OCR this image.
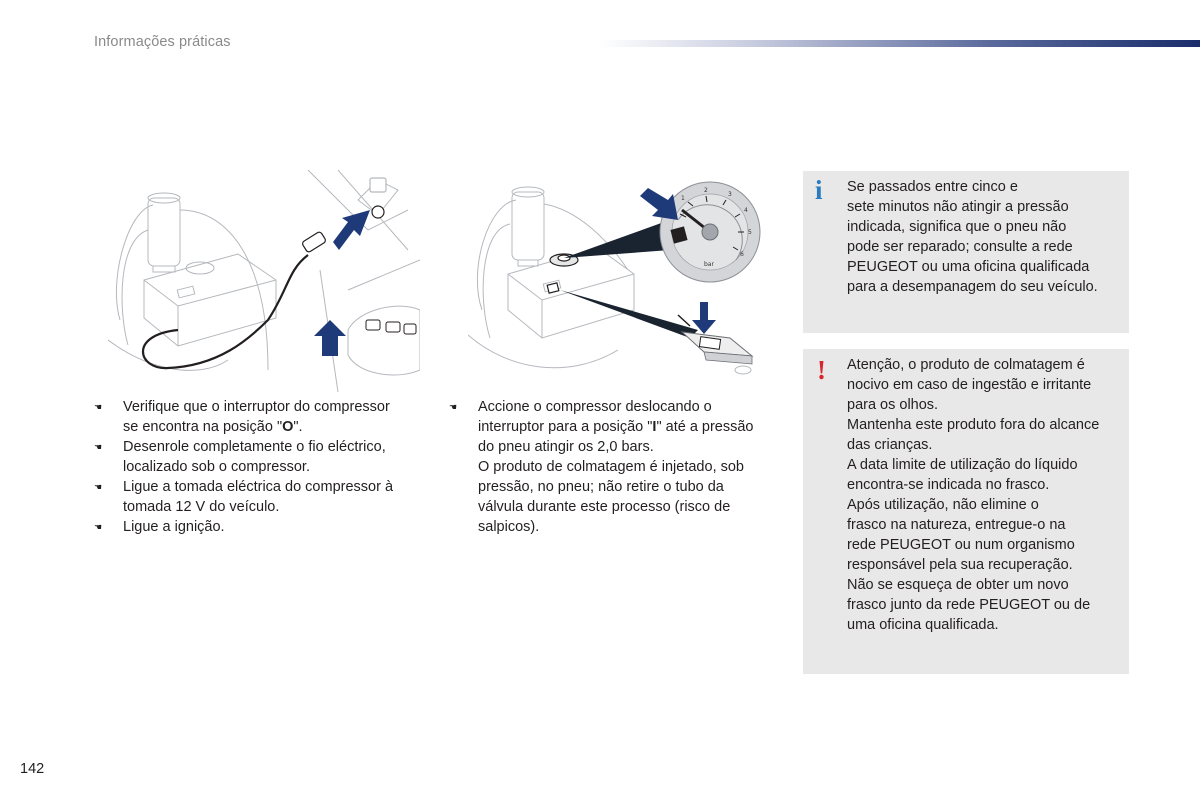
Informações práticas
1
2
3
4
5
6
bar
☚ Verifique que o interruptor do compressor
se encontra na posição "O".
☚ Desenrole completamente o fio eléctrico,
localizado sob o compressor.
☚ Ligue a tomada eléctrica do compressor à
tomada 12 V do veículo.
☚ Ligue a ignição.
☚ Accione o compressor deslocando o
interruptor para a posição "I" até a pressão
do pneu atingir os 2,0 bars.
O produto de colmatagem é injetado, sob
pressão, no pneu; não retire o tubo da
válvula durante este processo (risco de
salpicos).
i Se passados entre cinco e
sete minutos não atingir a pressão
indicada, significa que o pneu não
pode ser reparado; consulte a rede
PEUGEOT ou uma oficina qualificada
para a desempanagem do seu veículo.
! Atenção, o produto de colmatagem é
nocivo em caso de ingestão e irritante
para os olhos.
Mantenha este produto fora do alcance
das crianças.
A data limite de utilização do líquido
encontra-se indicada no frasco.
Após utilização, não elimine o
frasco na natureza, entregue-o na
rede PEUGEOT ou num organismo
responsável pela sua recuperação.
Não se esqueça de obter um novo
frasco junto da rede PEUGEOT ou de
uma oficina qualificada.
142
